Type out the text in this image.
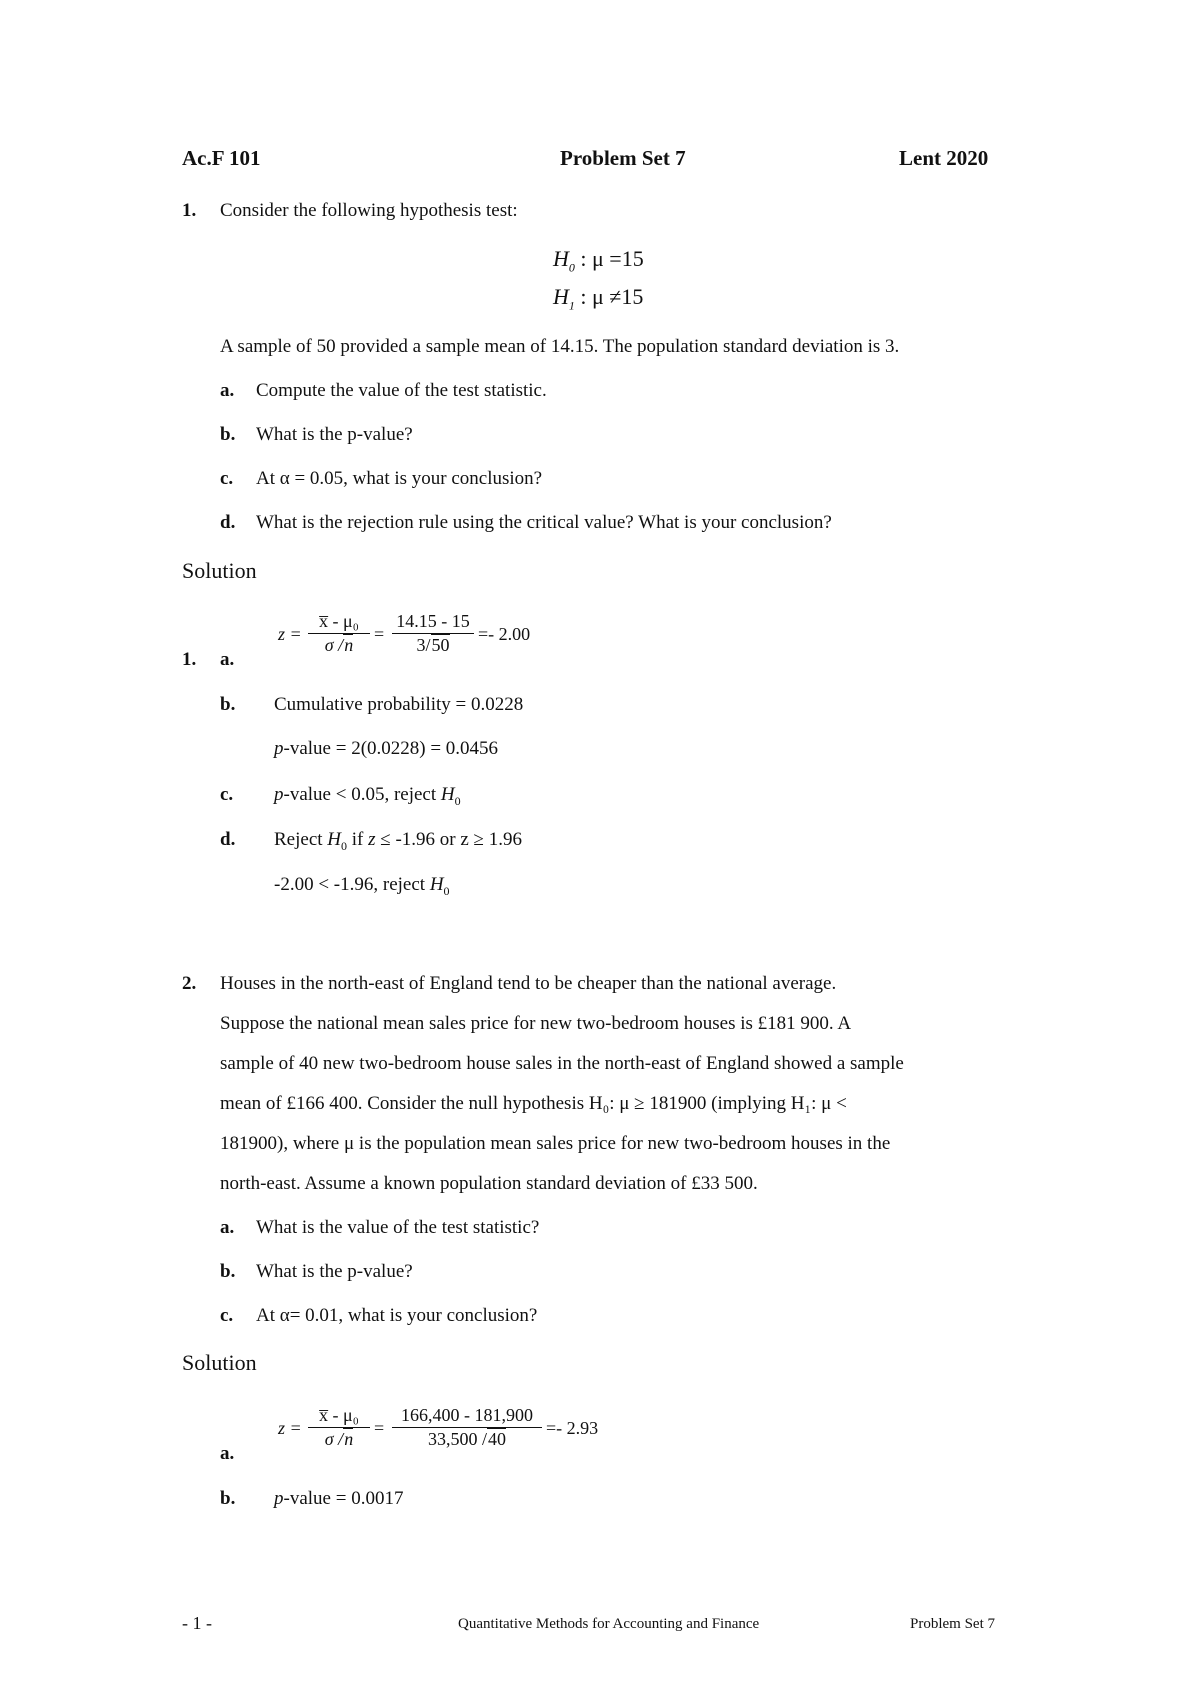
Ac.F 101	Problem Set 7	Lent 2020
1. Consider the following hypothesis test:
$H_0$ : μ =15
$H_1$ : μ ≠15
A sample of 50 provided a sample mean of 14.15. The population standard deviation is 3.
a. Compute the value of the test statistic.
b. What is the p-value?
c. At α = 0.05, what is your conclusion?
d. What is the rejection rule using the critical value? What is your conclusion?
Solution
1. a.
$z = \frac{\text{x̅ - μ₀}}{\sigma /n} = \frac{14.15 - 15}{3/50} =- 2.00$
b. Cumulative probability = 0.0228
p-value = 2(0.0228) = 0.0456
c. p-value < 0.05, reject $H_0$
d. Reject $H_0$ if z ≤ -1.96 or z ≥ 1.96
-2.00 < -1.96, reject $H_0$
2. Houses in the north-east of England tend to be cheaper than the national average.
Suppose the national mean sales price for new two-bedroom houses is £181 900. A
sample of 40 new two-bedroom house sales in the north-east of England showed a sample
mean of £166 400. Consider the null hypothesis H₀: μ ≥ 181900 (implying H₁: μ <
181900), where μ is the population mean sales price for new two-bedroom houses in the
north-east. Assume a known population standard deviation of £33 500.
a. What is the value of the test statistic?
b. What is the p-value?
c. At α= 0.01, what is your conclusion?
Solution
a.
$z = \frac{\text{x̅ - μ₀}}{\sigma /n} = \frac{166,400 - 181,900}{33,500 /40} =- 2.93$
b. p-value = 0.0017
- 1 -	Quantitative Methods for Accounting and Finance	Problem Set 7
